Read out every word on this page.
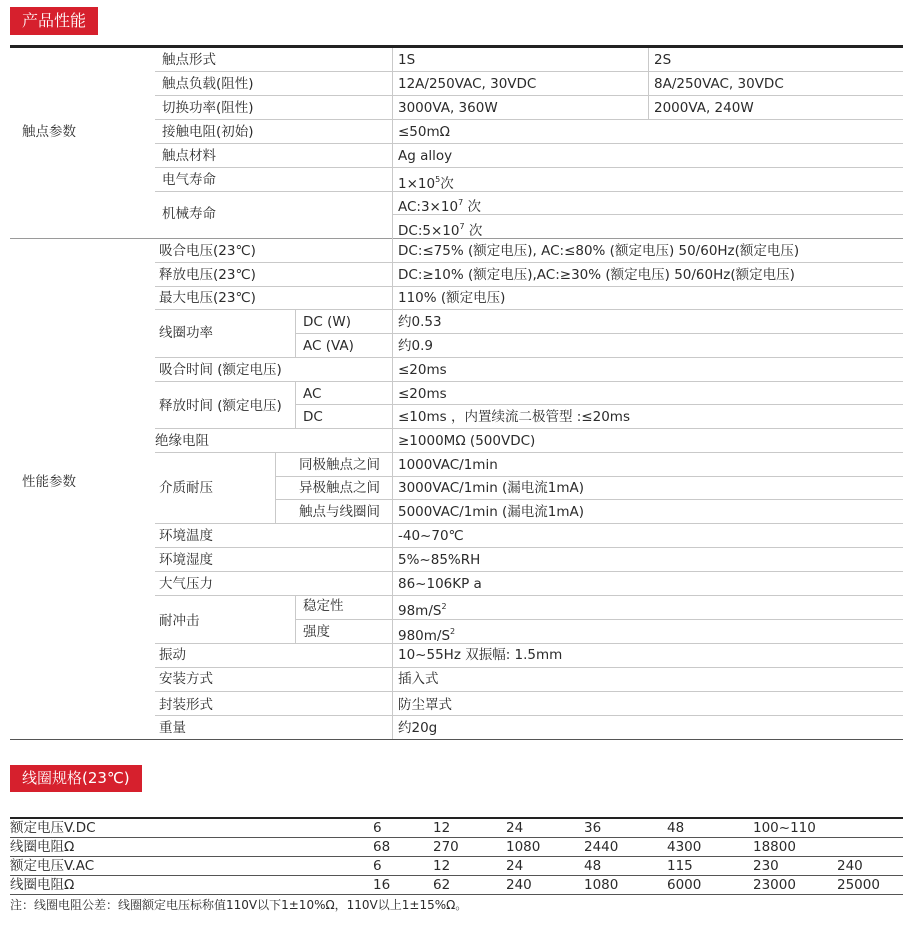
产品性能
触点参数
触点形式	1S	2S
触点负载(阻性)	12A/250VAC, 30VDC	8A/250VAC, 30VDC
切换功率(阻性)	3000VA, 360W	2000VA, 240W
接触电阻(初始)	≤50mΩ
触点材料	Ag alloy
电气寿命	$1\times 10^5$次
机械寿命	$AC:3\times 10^7$ 次
$DC:5\times 10^7$ 次
性能参数
吸合电压(23℃)	DC:≤75% (额定电压), AC:≤80% (额定电压) 50/60Hz(额定电压)
释放电压(23℃)	DC:≥10% (额定电压),AC:≥30% (额定电压) 50/60Hz(额定电压)
最大电压(23℃)	110% (额定电压)
线圈功率
DC (W)	约0.53
AC (VA)	约0.9
吸合时间 (额定电压)	≤20ms
释放时间 (额定电压)
AC	≤20ms
DC	≤10ms ，内置续流二极管型 :≤20ms
绝缘电阻	≥1000MΩ (500VDC)
介质耐压
同极触点之间 1000VAC/1min
异极触点之间 3000VAC/1min (漏电流1mA)
触点与线圈间 5000VAC/1min (漏电流1mA)
环境温度	-40~70℃
环境湿度	5%~85%RH
大气压力	86~106KP a
耐冲击
稳定性	$98m/S^2$
强度	$980m/S^2$
振动	10~55Hz 双振幅: 1.5mm
安装方式	插入式
封装形式	防尘罩式
重量	约20g
线圈规格(23℃)
额定电压V.DC	6	12	24	36	48	100~110	
线圈电阻Ω	68	270	1080	2440	4300	18800	
额定电压V.AC	6	12	24	48	115	230	240
线圈电阻Ω	16	62	240	1080	6000	23000	25000
注：线圈电阻公差：线圈额定电压标称值110V以下1±10%Ω，110V以上1±15%Ω。
